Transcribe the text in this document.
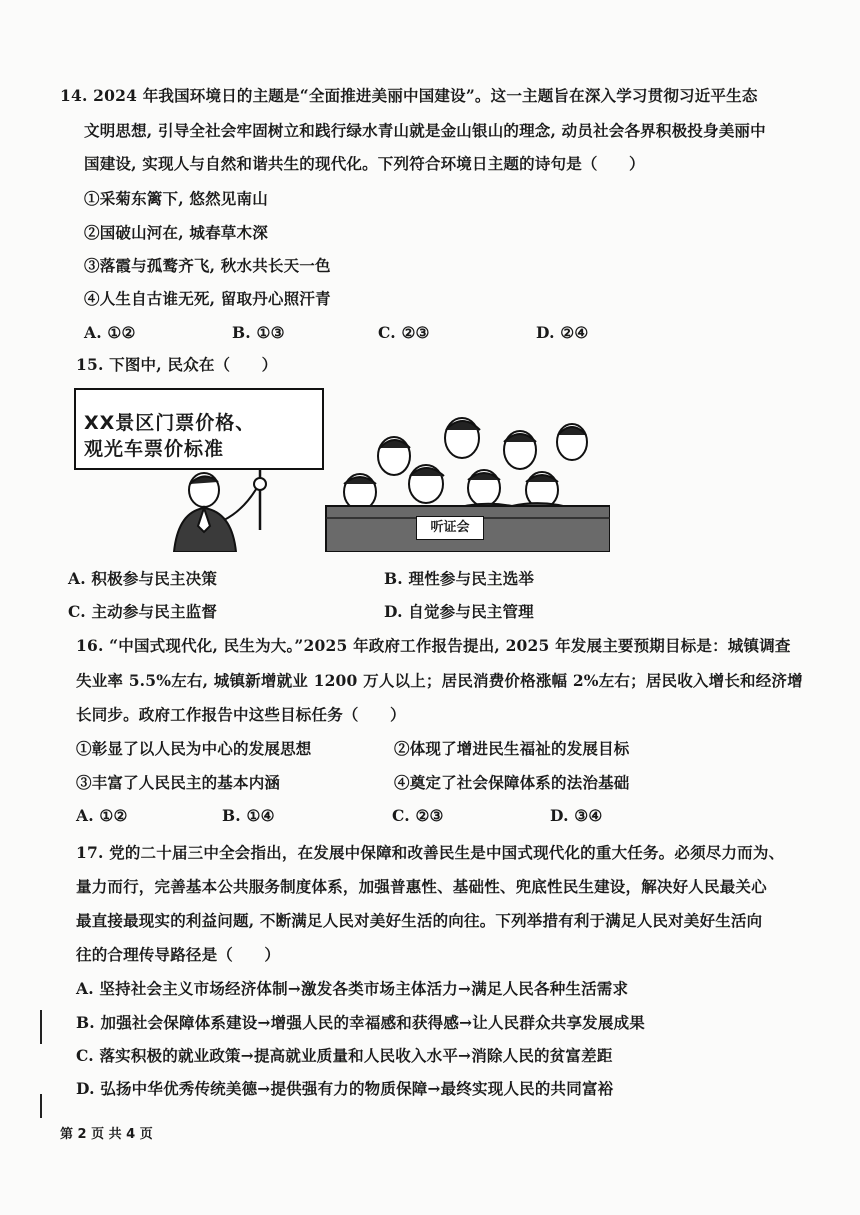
14. 2024 年我国环境日的主题是“全面推进美丽中国建设”。这一主题旨在深入学习贯彻习近平生态
文明思想, 引导全社会牢固树立和践行绿水青山就是金山银山的理念, 动员社会各界积极投身美丽中
国建设, 实现人与自然和谐共生的现代化。下列符合环境日主题的诗句是（　　）
①采菊东篱下, 悠然见南山
②国破山河在, 城春草木深
③落霞与孤鹜齐飞, 秋水共长天一色
④人生自古谁无死, 留取丹心照汗青
A. ①②	B. ①③	C. ②③	D. ②④
15. 下图中, 民众在（　　）
XX景区门票价格、
观光车票价标准
听证会
A. 积极参与民主决策	B. 理性参与民主选举
C. 主动参与民主监督	D. 自觉参与民主管理
16. “中国式现代化, 民生为大。”2025 年政府工作报告提出, 2025 年发展主要预期目标是：城镇调查
失业率 5.5%左右, 城镇新增就业 1200 万人以上；居民消费价格涨幅 2%左右；居民收入增长和经济增
长同步。政府工作报告中这些目标任务（　　）
①彰显了以人民为中心的发展思想	②体现了增进民生福祉的发展目标
③丰富了人民民主的基本内涵	④奠定了社会保障体系的法治基础
A. ①②	B. ①④	C. ②③	D. ③④
17. 党的二十届三中全会指出，在发展中保障和改善民生是中国式现代化的重大任务。必须尽力而为、
量力而行，完善基本公共服务制度体系，加强普惠性、基础性、兜底性民生建设，解决好人民最关心
最直接最现实的利益问题, 不断满足人民对美好生活的向往。下列举措有利于满足人民对美好生活向
往的合理传导路径是（　　）
A. 坚持社会主义市场经济体制→激发各类市场主体活力→满足人民各种生活需求
B. 加强社会保障体系建设→增强人民的幸福感和获得感→让人民群众共享发展成果
C. 落实积极的就业政策→提高就业质量和人民收入水平→消除人民的贫富差距
D. 弘扬中华优秀传统美德→提供强有力的物质保障→最终实现人民的共同富裕
第 2 页 共 4 页
